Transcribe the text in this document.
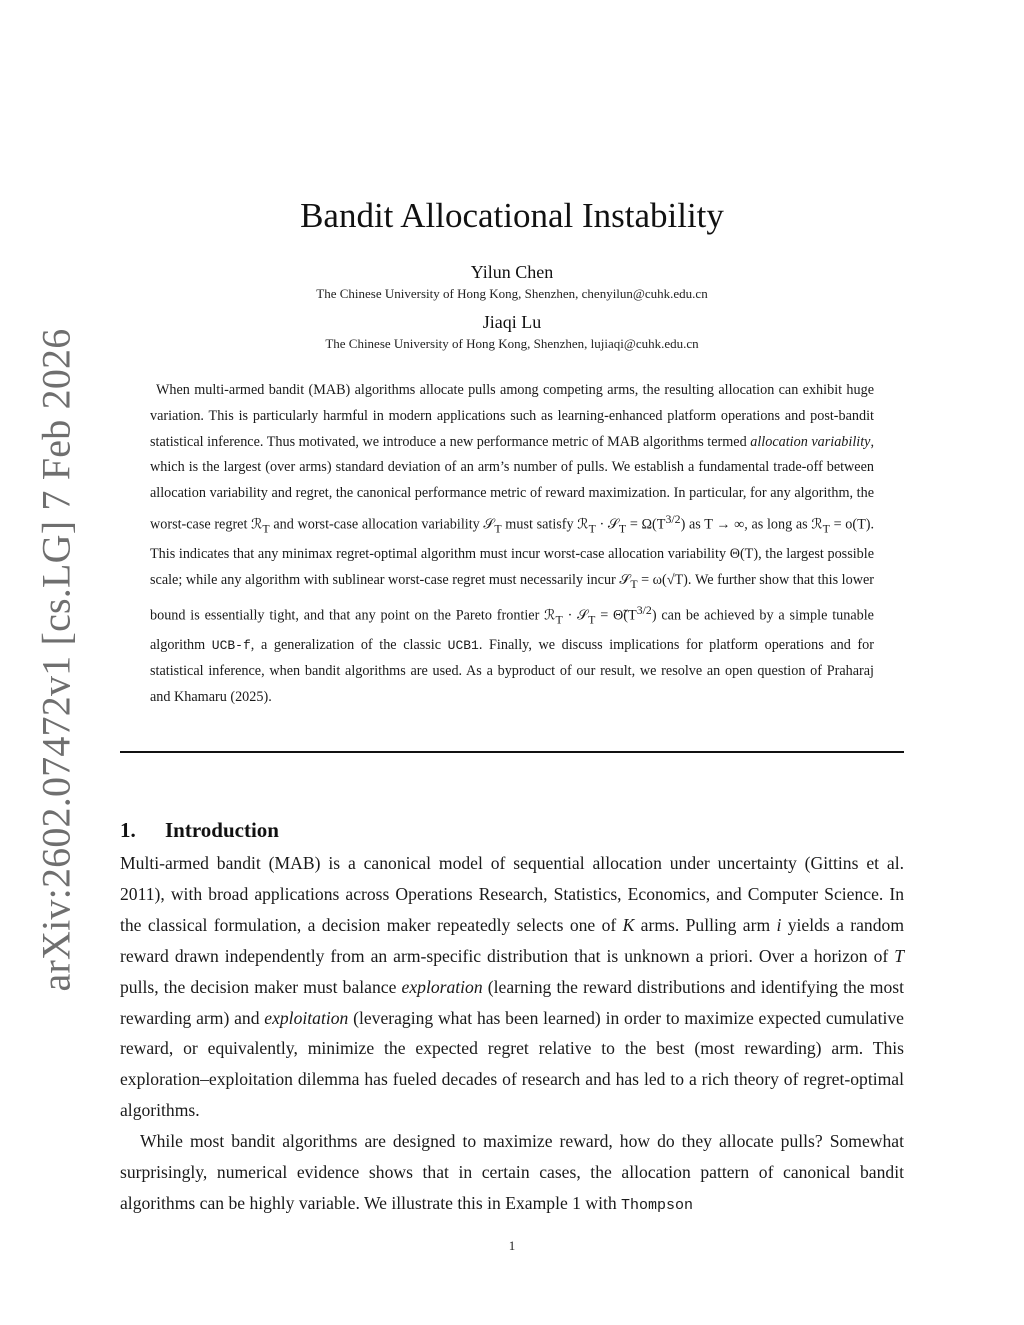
arXiv:2602.07472v1 [cs.LG] 7 Feb 2026
Bandit Allocational Instability
Yilun Chen
The Chinese University of Hong Kong, Shenzhen, chenyilun@cuhk.edu.cn
Jiaqi Lu
The Chinese University of Hong Kong, Shenzhen, lujiaqi@cuhk.edu.cn

When multi-armed bandit (MAB) algorithms allocate pulls among competing arms, the resulting allocation can exhibit huge variation. This is particularly harmful in modern applications such as learning-enhanced platform operations and post-bandit statistical inference. Thus motivated, we introduce a new performance metric of MAB algorithms termed allocation variability, which is the largest (over arms) standard deviation of an arm’s number of pulls. We establish a fundamental trade-off between allocation variability and regret, the canonical performance metric of reward maximization. In particular, for any algorithm, the worst-case regret ℛ$_T$ and worst-case allocation variability 𝒮$_T$ must satisfy ℛ$_T$ · 𝒮$_T$ = $\Omega(T^{3/2})$ as T → ∞, as long as ℛ$_T$ = o(T). This indicates that any minimax regret-optimal algorithm must incur worst-case allocation variability Θ(T), the largest possible scale; while any algorithm with sublinear worst-case regret must necessarily incur 𝒮$_T$ = ω(√T). We further show that this lower bound is essentially tight, and that any point on the Pareto frontier ℛ$_T$ · 𝒮$_T$ = $\Thetã(T^{3/2})$ can be achieved by a simple tunable algorithm UCB-f, a generalization of the classic UCB1. Finally, we discuss implications for platform operations and for statistical inference, when bandit algorithms are used. As a byproduct of our result, we resolve an open question of Praharaj and Khamaru (2025).

1. Introduction

Multi-armed bandit (MAB) is a canonical model of sequential allocation under uncertainty (Gittins et al. 2011), with broad applications across Operations Research, Statistics, Economics, and Computer Science. In the classical formulation, a decision maker repeatedly selects one of K arms. Pulling arm i yields a random reward drawn independently from an arm-specific distribution that is unknown a priori. Over a horizon of T pulls, the decision maker must balance exploration (learning the reward distributions and identifying the most rewarding arm) and exploitation (leveraging what has been learned) in order to maximize expected cumulative reward, or equivalently, minimize the expected regret relative to the best (most rewarding) arm. This exploration–exploitation dilemma has fueled decades of research and has led to a rich theory of regret-optimal algorithms.

While most bandit algorithms are designed to maximize reward, how do they allocate pulls? Somewhat surprisingly, numerical evidence shows that in certain cases, the allocation pattern of canonical bandit algorithms can be highly variable. We illustrate this in Example 1 with Thompson

1
